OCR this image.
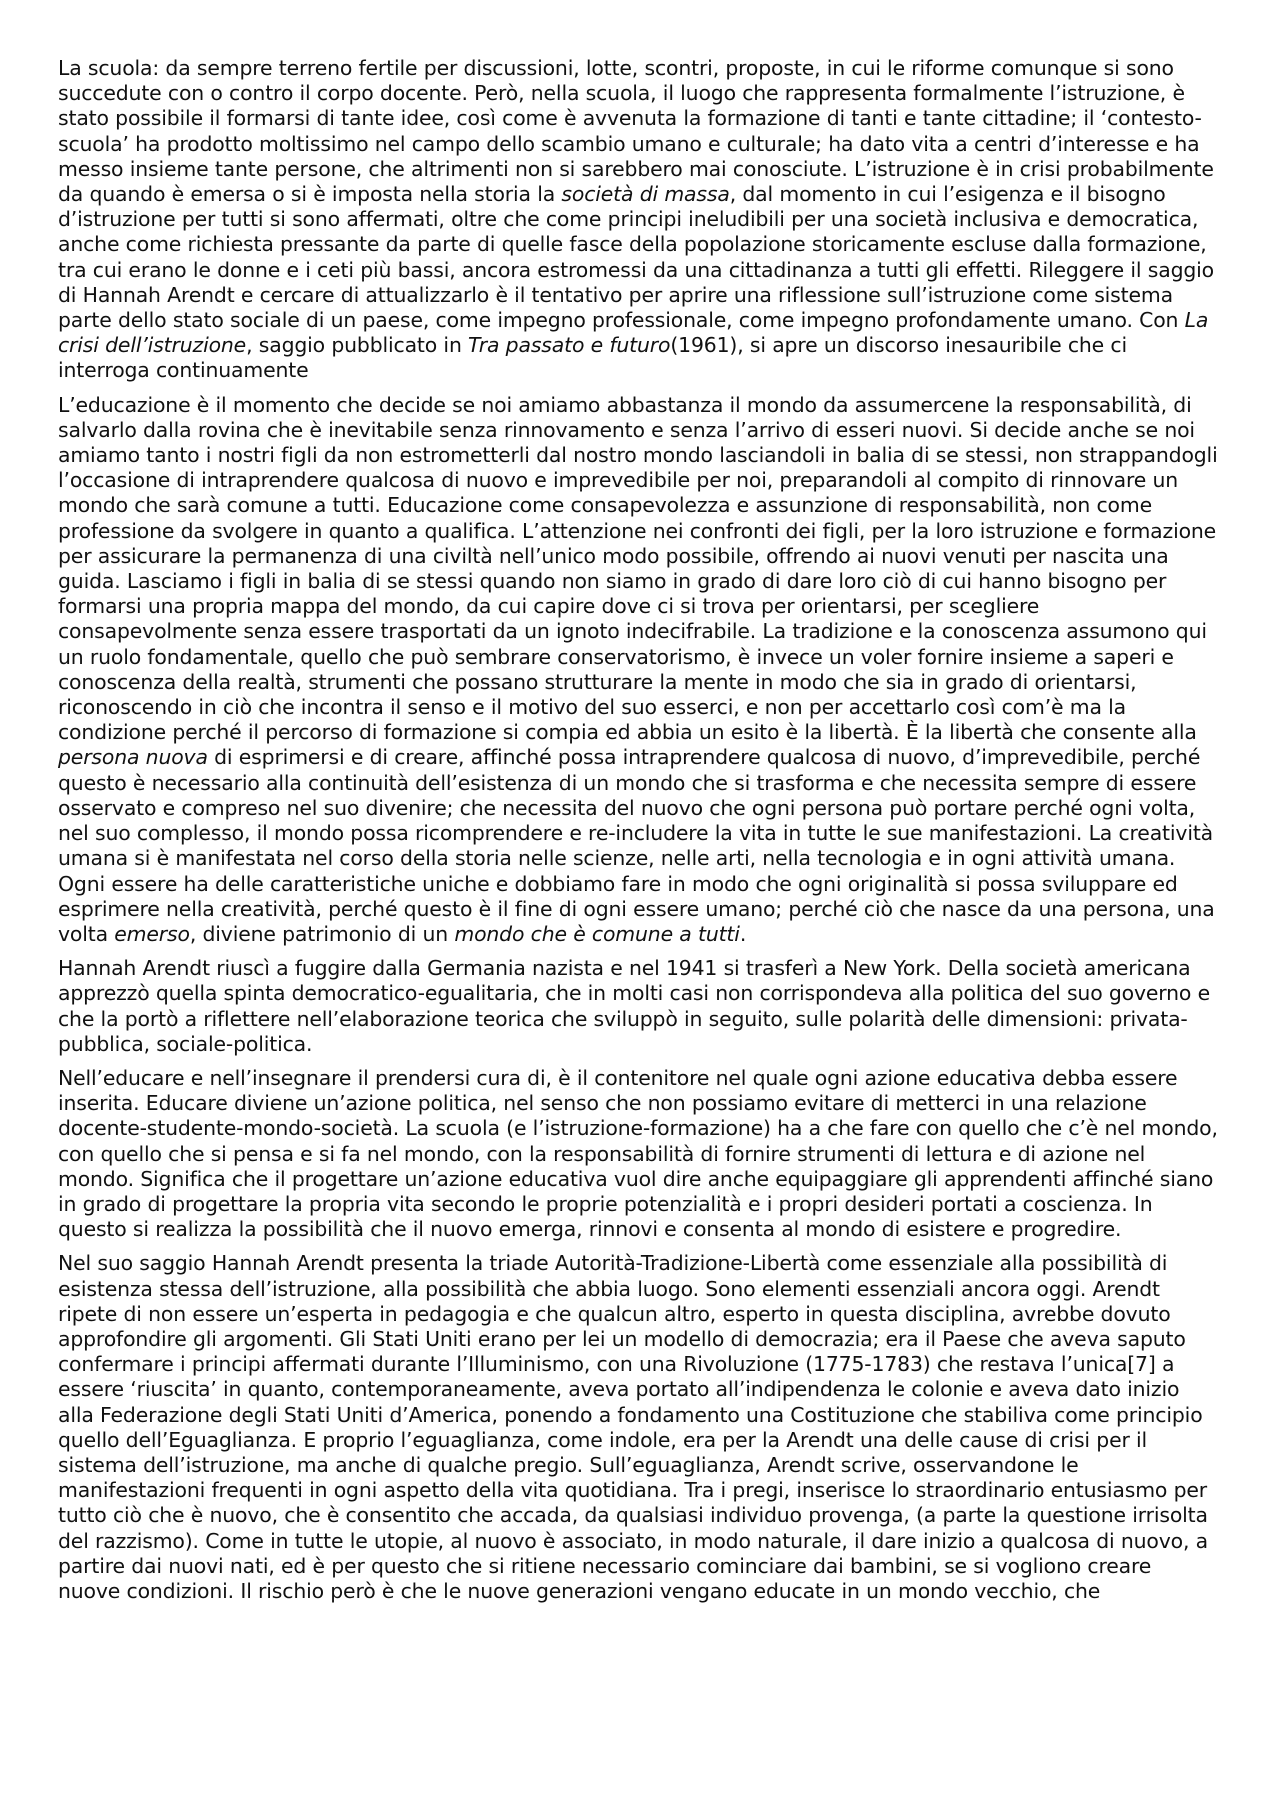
La scuola: da sempre terreno fertile per discussioni, lotte, scontri, proposte, in cui le riforme comunque si sono succedute con o contro il corpo docente. Però, nella scuola, il luogo che rappresenta formalmente l’istruzione, è stato possibile il formarsi di tante idee, così come è avvenuta la formazione di tanti e tante cittadine; il ‘contesto-scuola’ ha prodotto moltissimo nel campo dello scambio umano e culturale; ha dato vita a centri d’interesse e ha messo insieme tante persone, che altrimenti non si sarebbero mai conosciute. L’istruzione è in crisi probabilmente da quando è emersa o si è imposta nella storia la società di massa, dal momento in cui l’esigenza e il bisogno d’istruzione per tutti si sono affermati, oltre che come principi ineludibili per una società inclusiva e democratica, anche come richiesta pressante da parte di quelle fasce della popolazione storicamente escluse dalla formazione, tra cui erano le donne e i ceti più bassi, ancora estromessi da una cittadinanza a tutti gli effetti. Rileggere il saggio di Hannah Arendt e cercare di attualizzarlo è il tentativo per aprire una riflessione sull’istruzione come sistema parte dello stato sociale di un paese, come impegno professionale, come impegno profondamente umano. Con La crisi dell’istruzione, saggio pubblicato in Tra passato e futuro(1961), si apre un discorso inesauribile che ci interroga continuamente

L’educazione è il momento che decide se noi amiamo abbastanza il mondo da assumercene la responsabilità, di salvarlo dalla rovina che è inevitabile senza rinnovamento e senza l’arrivo di esseri nuovi. Si decide anche se noi amiamo tanto i nostri figli da non estrometterli dal nostro mondo lasciandoli in balia di se stessi, non strappandogli l’occasione di intraprendere qualcosa di nuovo e imprevedibile per noi, preparandoli al compito di rinnovare un mondo che sarà comune a tutti. Educazione come consapevolezza e assunzione di responsabilità, non come professione da svolgere in quanto a qualifica. L’attenzione nei confronti dei figli, per la loro istruzione e formazione per assicurare la permanenza di una civiltà nell’unico modo possibile, offrendo ai nuovi venuti per nascita una guida. Lasciamo i figli in balia di se stessi quando non siamo in grado di dare loro ciò di cui hanno bisogno per formarsi una propria mappa del mondo, da cui capire dove ci si trova per orientarsi, per scegliere consapevolmente senza essere trasportati da un ignoto indecifrabile. La tradizione e la conoscenza assumono qui un ruolo fondamentale, quello che può sembrare conservatorismo, è invece un voler fornire insieme a saperi e conoscenza della realtà, strumenti che possano strutturare la mente in modo che sia in grado di orientarsi, riconoscendo in ciò che incontra il senso e il motivo del suo esserci, e non per accettarlo così com’è ma la condizione perché il percorso di formazione si compia ed abbia un esito è la libertà. È la libertà che consente alla persona nuova di esprimersi e di creare, affinché possa intraprendere qualcosa di nuovo, d’imprevedibile, perché questo è necessario alla continuità dell’esistenza di un mondo che si trasforma e che necessita sempre di essere osservato e compreso nel suo divenire; che necessita del nuovo che ogni persona può portare perché ogni volta, nel suo complesso, il mondo possa ricomprendere e re-includere la vita in tutte le sue manifestazioni. La creatività umana si è manifestata nel corso della storia nelle scienze, nelle arti, nella tecnologia e in ogni attività umana. Ogni essere ha delle caratteristiche uniche e dobbiamo fare in modo che ogni originalità si possa sviluppare ed esprimere nella creatività, perché questo è il fine di ogni essere umano; perché ciò che nasce da una persona, una volta emerso, diviene patrimonio di un mondo che è comune a tutti.

Hannah Arendt riuscì a fuggire dalla Germania nazista e nel 1941 si trasferì a New York. Della società americana apprezzò quella spinta democratico-egualitaria, che in molti casi non corrispondeva alla politica del suo governo e che la portò a riflettere nell’elaborazione teorica che sviluppò in seguito, sulle polarità delle dimensioni: privata-pubblica, sociale-politica.

Nell’educare e nell’insegnare il prendersi cura di, è il contenitore nel quale ogni azione educativa debba essere inserita. Educare diviene un’azione politica, nel senso che non possiamo evitare di metterci in una relazione docente-studente-mondo-società. La scuola (e l’istruzione-formazione) ha a che fare con quello che c’è nel mondo, con quello che si pensa e si fa nel mondo, con la responsabilità di fornire strumenti di lettura e di azione nel mondo. Significa che il progettare un’azione educativa vuol dire anche equipaggiare gli apprendenti affinché siano in grado di progettare la propria vita secondo le proprie potenzialità e i propri desideri portati a coscienza. In questo si realizza la possibilità che il nuovo emerga, rinnovi e consenta al mondo di esistere e progredire.

Nel suo saggio Hannah Arendt presenta la triade Autorità-Tradizione-Libertà come essenziale alla possibilità di esistenza stessa dell’istruzione, alla possibilità che abbia luogo. Sono elementi essenziali ancora oggi. Arendt ripete di non essere un’esperta in pedagogia e che qualcun altro, esperto in questa disciplina, avrebbe dovuto approfondire gli argomenti. Gli Stati Uniti erano per lei un modello di democrazia; era il Paese che aveva saputo confermare i principi affermati durante l’Illuminismo, con una Rivoluzione (1775-1783) che restava l’unica[7] a essere ‘riuscita’ in quanto, contemporaneamente, aveva portato all’indipendenza le colonie e aveva dato inizio alla Federazione degli Stati Uniti d’America, ponendo a fondamento una Costituzione che stabiliva come principio quello dell’Eguaglianza. E proprio l’eguaglianza, come indole, era per la Arendt una delle cause di crisi per il sistema dell’istruzione, ma anche di qualche pregio. Sull’eguaglianza, Arendt scrive, osservandone le manifestazioni frequenti in ogni aspetto della vita quotidiana. Tra i pregi, inserisce lo straordinario entusiasmo per tutto ciò che è nuovo, che è consentito che accada, da qualsiasi individuo provenga, (a parte la questione irrisolta del razzismo). Come in tutte le utopie, al nuovo è associato, in modo naturale, il dare inizio a qualcosa di nuovo, a partire dai nuovi nati, ed è per questo che si ritiene necessario cominciare dai bambini, se si vogliono creare nuove condizioni. Il rischio però è che le nuove generazioni vengano educate in un mondo vecchio, che
